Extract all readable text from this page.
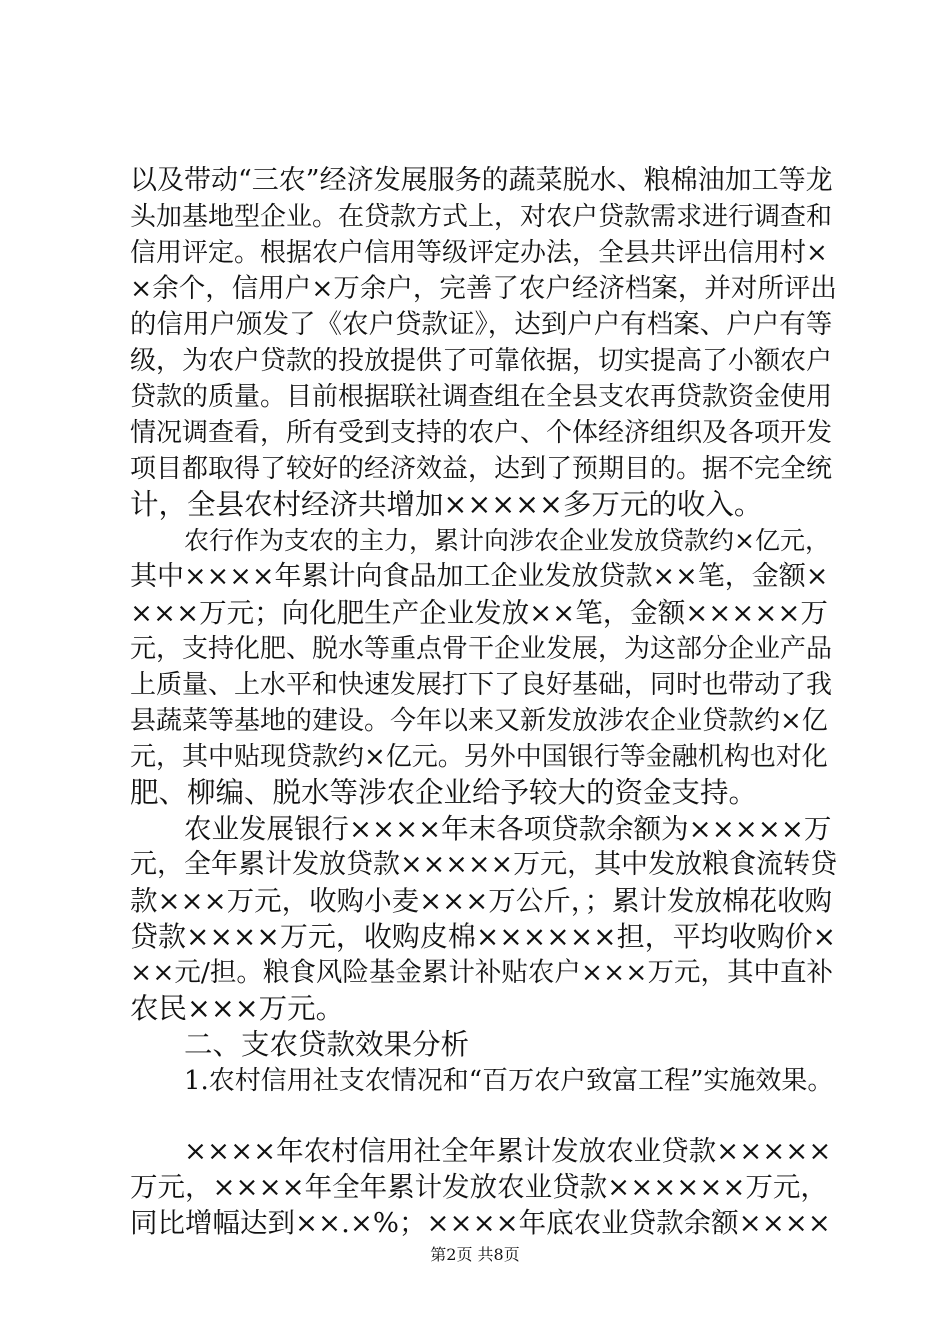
以及带动“三农”经济发展服务的蔬菜脱水、粮棉油加工等龙
头加基地型企业。在贷款方式上，对农户贷款需求进行调查和
信用评定。根据农户信用等级评定办法，全县共评出信用村×
×余个，信用户×万余户，完善了农户经济档案，并对所评出
的信用户颁发了《农户贷款证》，达到户户有档案、户户有等
级，为农户贷款的投放提供了可靠依据，切实提高了小额农户
贷款的质量。目前根据联社调查组在全县支农再贷款资金使用
情况调查看，所有受到支持的农户、个体经济组织及各项开发
项目都取得了较好的经济效益，达到了预期目的。据不完全统
计，全县农村经济共增加×××××多万元的收入。
农行作为支农的主力，累计向涉农企业发放贷款约×亿元，
其中××××年累计向食品加工企业发放贷款××笔，金额×
×××万元；向化肥生产企业发放××笔，金额×××××万
元，支持化肥、脱水等重点骨干企业发展，为这部分企业产品
上质量、上水平和快速发展打下了良好基础，同时也带动了我
县蔬菜等基地的建设。今年以来又新发放涉农企业贷款约×亿
元，其中贴现贷款约×亿元。另外中国银行等金融机构也对化
肥、柳编、脱水等涉农企业给予较大的资金支持。
农业发展银行××××年末各项贷款余额为×××××万
元，全年累计发放贷款×××××万元，其中发放粮食流转贷
款×××万元，收购小麦×××万公斤，；累计发放棉花收购
贷款××××万元，收购皮棉××××××担，平均收购价×
××元/担。粮食风险基金累计补贴农户×××万元，其中直补
农民×××万元。
二、支农贷款效果分析
1.农村信用社支农情况和“百万农户致富工程”实施效果。
××××年农村信用社全年累计发放农业贷款×××××
万元，××××年全年累计发放农业贷款××××××万元，
同比增幅达到××.×%；××××年底农业贷款余额××××
第2页 共8页
